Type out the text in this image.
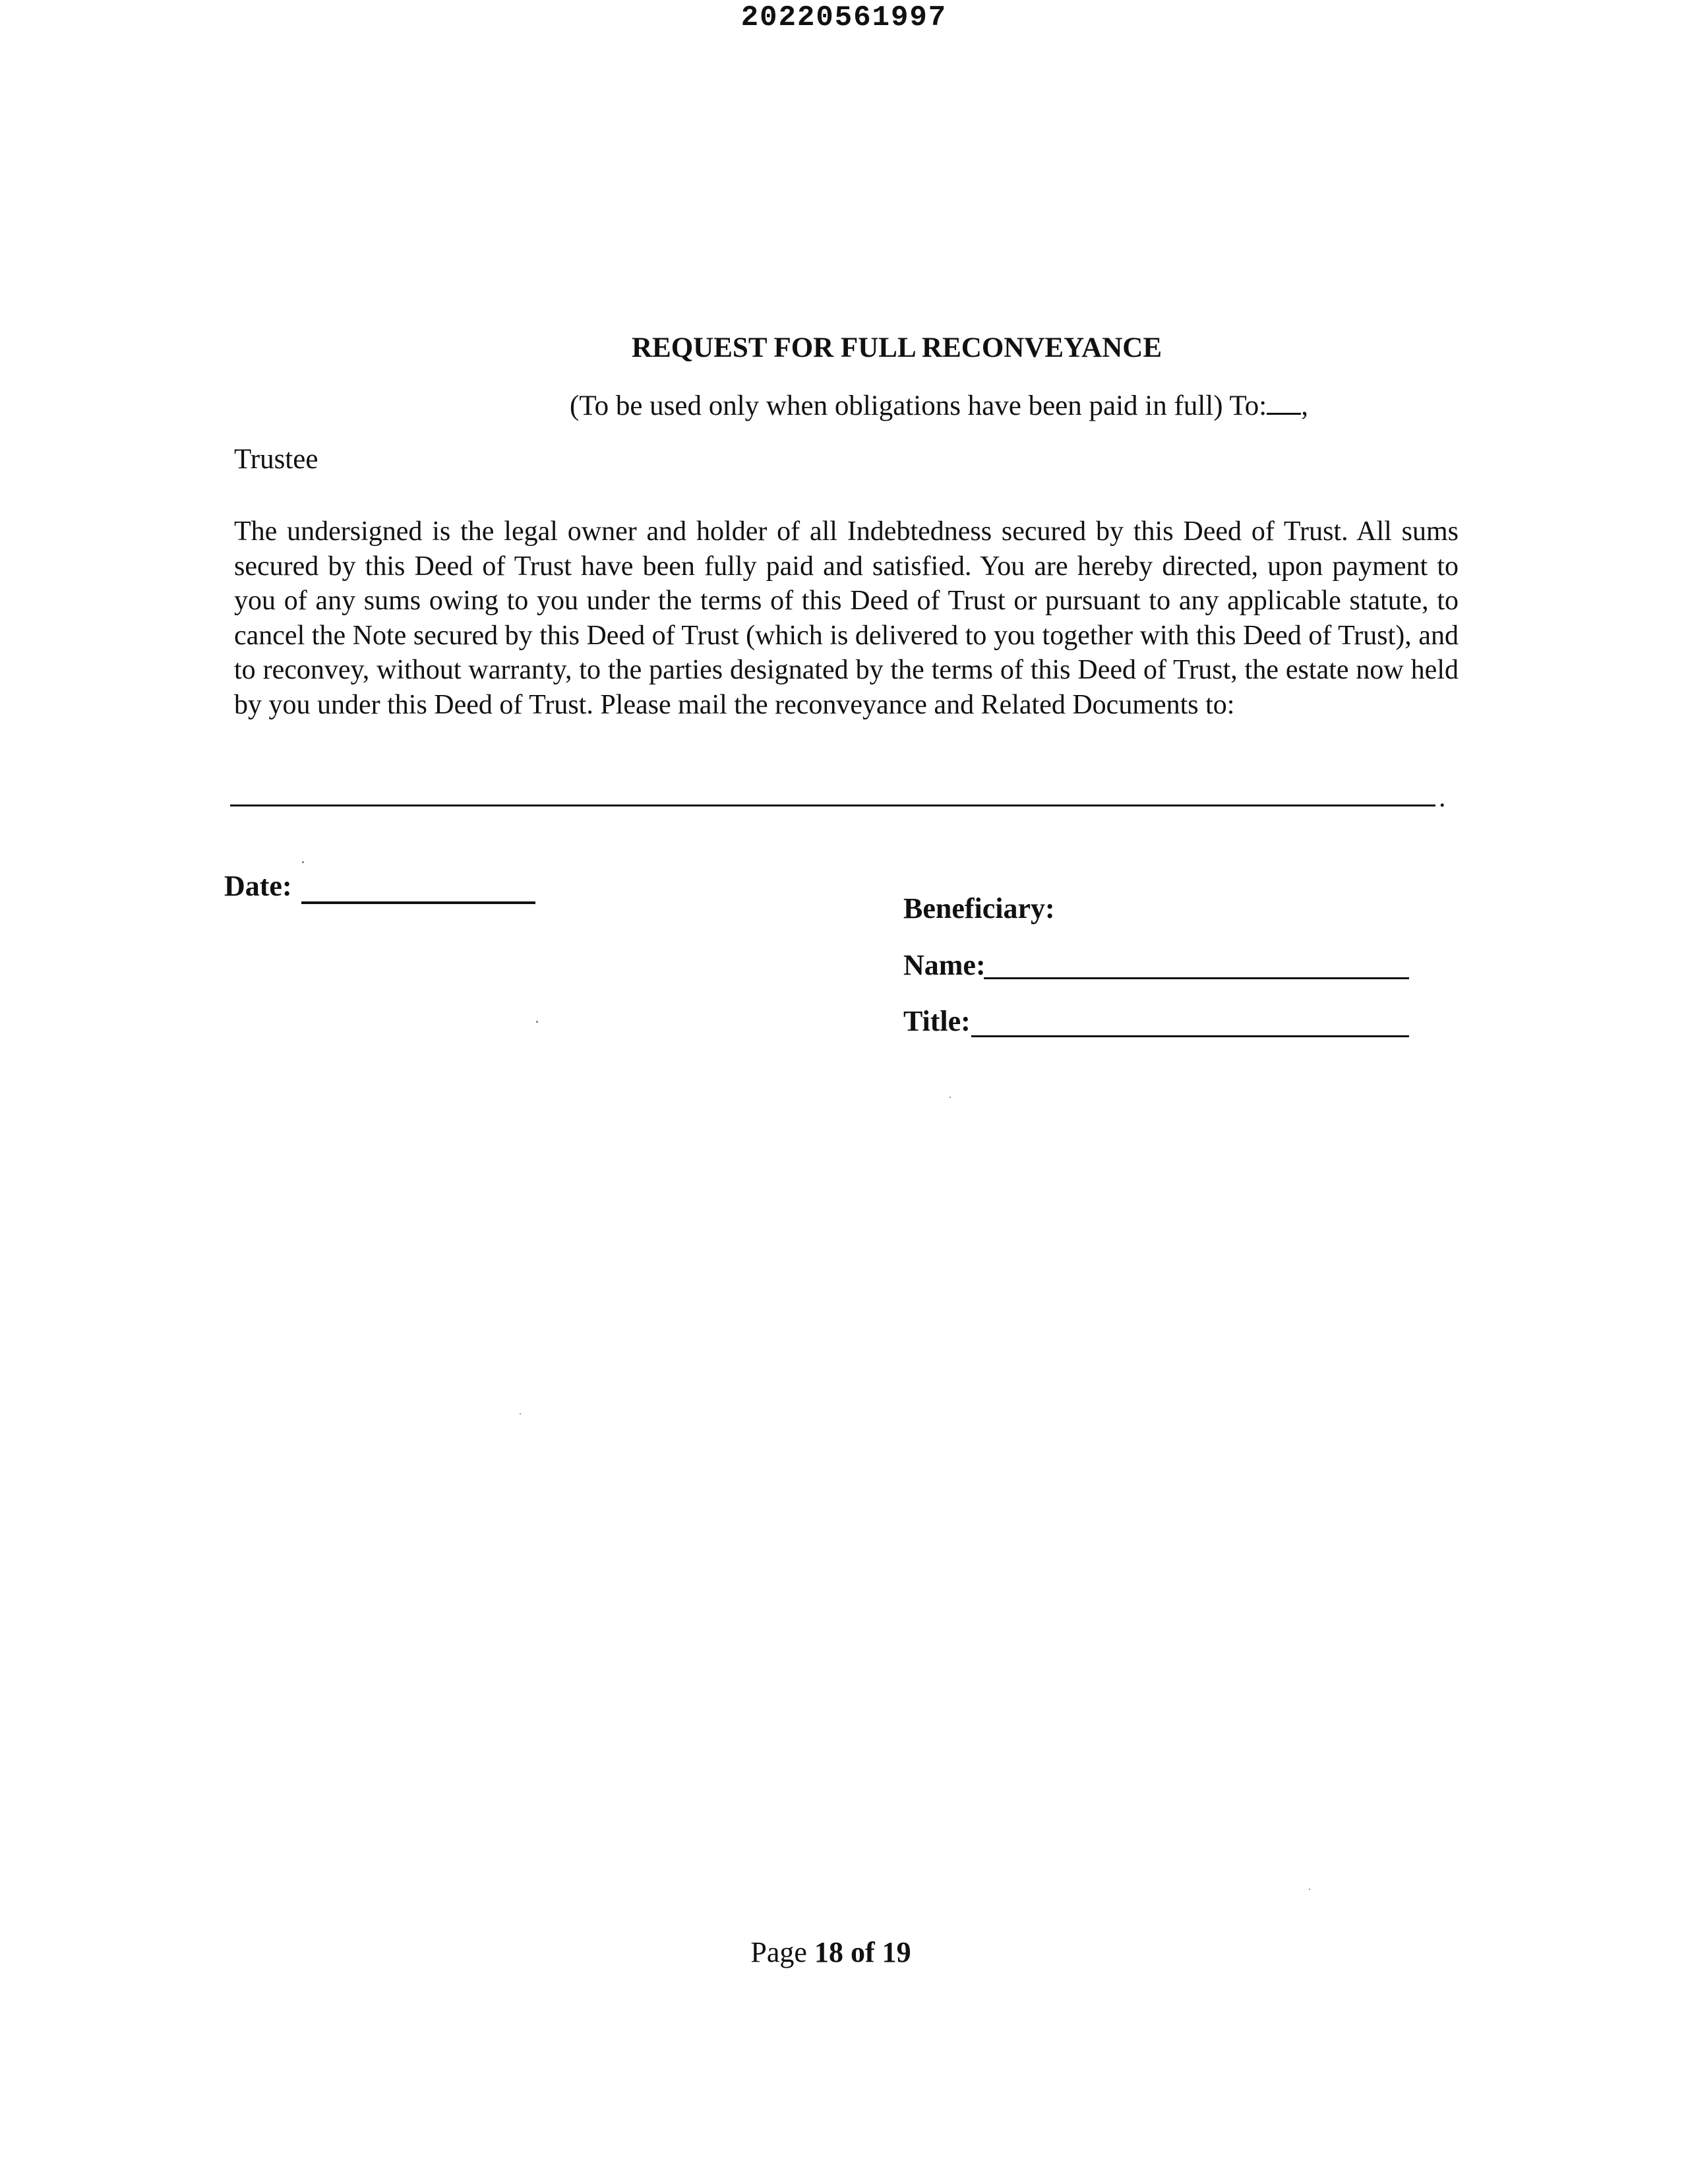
20220561997
REQUEST FOR FULL RECONVEYANCE
(To be used only when obligations have been paid in full) To: ,
Trustee
The undersigned is the legal owner and holder of all Indebtedness secured by this Deed of Trust. All sums secured by this Deed of Trust have been fully paid and satisfied. You are hereby directed, upon payment to you of any sums owing to you under the terms of this Deed of Trust or pursuant to any applicable statute, to cancel the Note secured by this Deed of Trust (which is delivered to you together with this Deed of Trust), and to reconvey, without warranty, to the parties designated by the terms of this Deed of Trust, the estate now held by you under this Deed of Trust. Please mail the reconveyance and Related Documents to:
.
Date:
Beneficiary:
Name:
Title:
Page 18 of 19
